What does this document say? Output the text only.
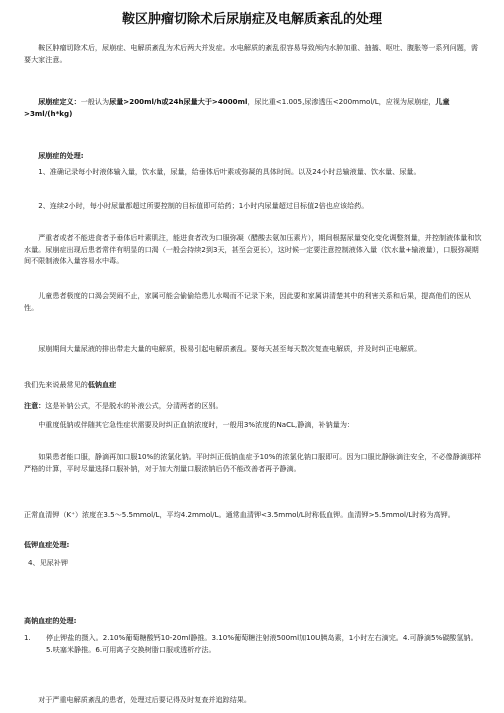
鞍区肿瘤切除术后尿崩症及电解质紊乱的处理

鞍区肿瘤切除术后，尿崩症、电解质紊乱为术后两大并发症。水电解质的紊乱很容易导致颅内水肿加重、抽搐、呕吐、腹胀等一系列问题，需要大家注意。

尿崩症定义：一般认为尿量>200ml/h或24h尿量大于>4000ml，尿比重<1.005,尿渗透压<200mmol/L，应视为尿崩症，儿童>3ml/(h*kg)

尿崩症的处理:

1、准确记录每小时液体输入量，饮水量，尿量，给垂体后叶素或弥凝的具体时间。以及24小时总输液量、饮水量、尿量。

2、连续2小时，每小时尿量都超过所要控制的目标值即可给药；1小时内尿量超过目标值2倍也应该给药。

严重者或者不能进食者予垂体后叶素肌注，能进食者改为口服弥凝（醋酸去氨加压素片），期间根据尿量变化变化调整剂量，并控制液体量和饮水量。尿崩症出现后患者常伴有明显的口渴（一般会持续2到3天，甚至会更长），这时候一定要注意控制液体入量（饮水量+输液量），口服弥凝期间不限制液体入量容易水中毒。

儿童患者极度的口渴会哭闹不止，家属可能会偷偷给患儿水喝而不记录下来，因此要和家属讲清楚其中的利害关系和后果，提高他们的医从性。

尿崩期间大量尿液的排出带走大量的电解质，极易引起电解质紊乱。要每天甚至每天数次复查电解质，并及时纠正电解质。

我们先来说最常见的低钠血症

注意：这是补钠公式，不是脱水的补液公式，分清两者的区别。

中重度低钠或伴随其它急性症状需要及时纠正血钠浓度时，一般用3%浓度的NaCL,静滴，补钠量为：

如果患者能口服，静滴再加口服10%的浓氯化钠。平时纠正低钠血症予10%的浓氯化钠口服即可。因为口服比静脉滴注安全，不必像静滴那样严格的计算，平时尽量选择口服补钠，对于加大剂量口服浓钠后仍不能改善者再予静滴。

正常血清钾（K⁺）浓度在3.5～5.5mmol/L，平均4.2mmol/L。通常血清钾<3.5mmol/L时称低血钾。血清钾>5.5mmol/L时称为高钾。

低钾血症处理:

4、见尿补钾

高钠血症的处理:

1. 停止钾盐的摄入。2.10%葡萄糖酸钙10-20ml静推。3.10%葡萄糖注射液500ml加10U胰岛素，1小时左右滴完。4.可静滴5%碳酸氢钠。5.呋塞米静推。6.可用离子交换树脂口服或透析疗法。

对于严重电解质紊乱的患者，处理过后要记得及时复查并追踪结果。
